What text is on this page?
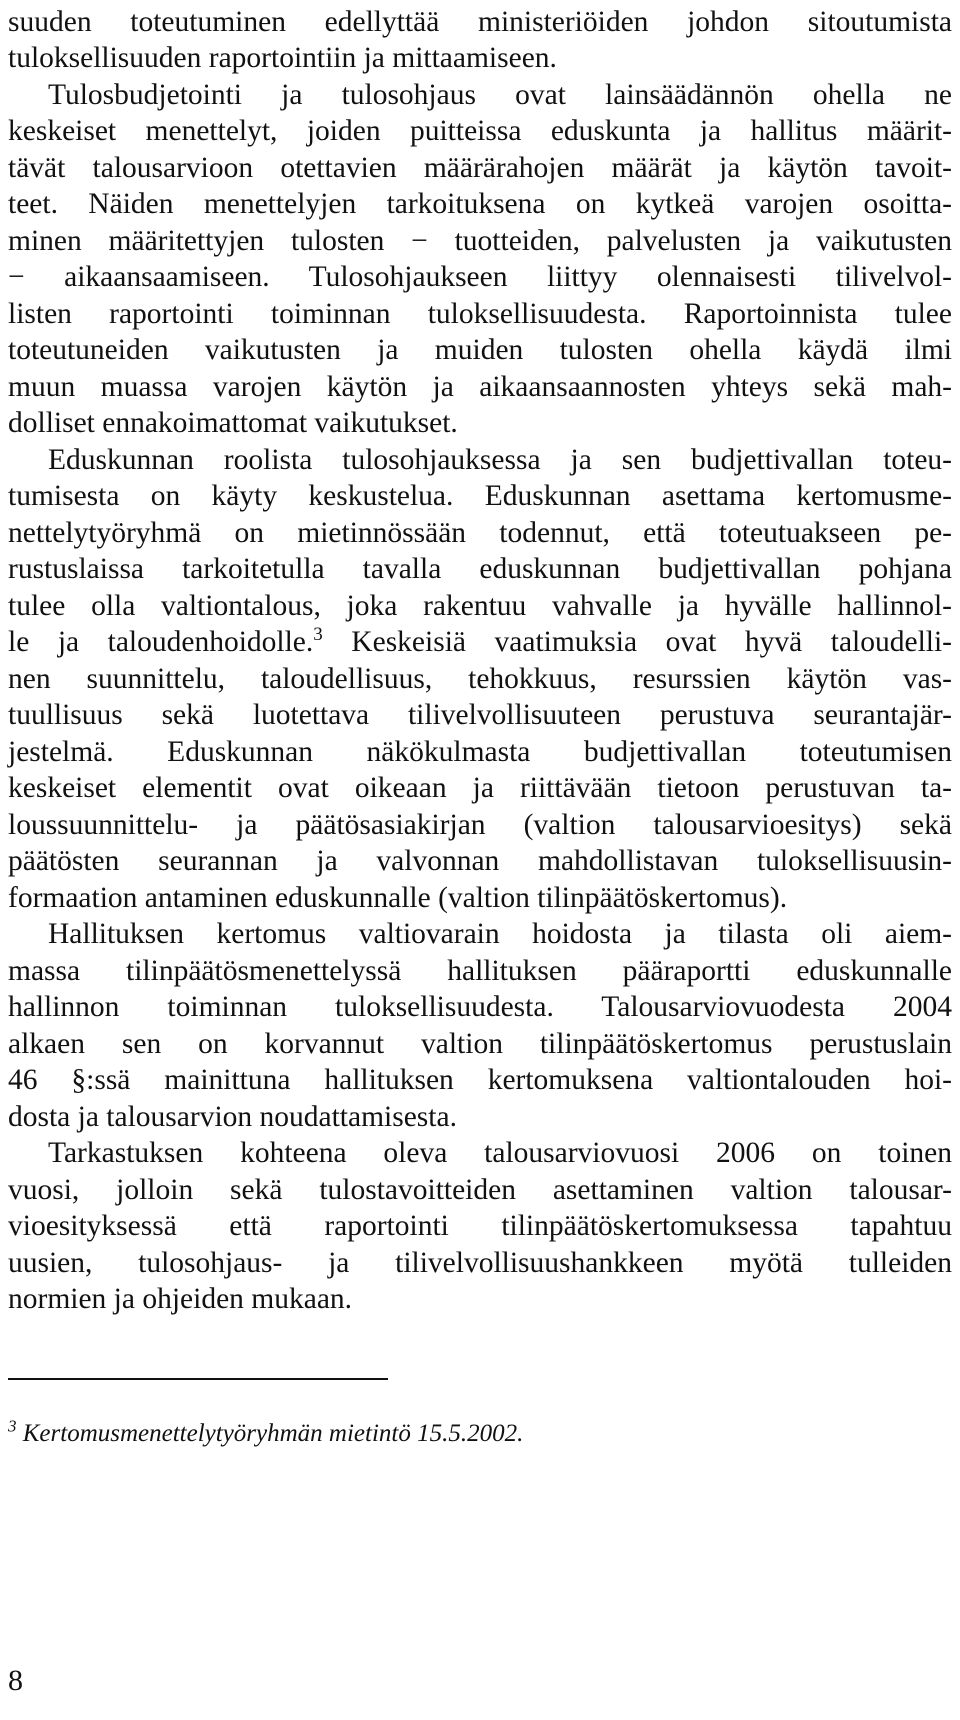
suuden toteutuminen edellyttää ministeriöiden johdon sitoutumista
tuloksellisuuden raportointiin ja mittaamiseen.
Tulosbudjetointi ja tulosohjaus ovat lainsäädännön ohella ne
keskeiset menettelyt, joiden puitteissa eduskunta ja hallitus määrit-
tävät talousarvioon otettavien määrärahojen määrät ja käytön tavoit-
teet. Näiden menettelyjen tarkoituksena on kytkeä varojen osoitta-
minen määritettyjen tulosten − tuotteiden, palvelusten ja vaikutusten
− aikaansaamiseen. Tulosohjaukseen liittyy olennaisesti tilivelvol-
listen raportointi toiminnan tuloksellisuudesta. Raportoinnista tulee
toteutuneiden vaikutusten ja muiden tulosten ohella käydä ilmi
muun muassa varojen käytön ja aikaansaannosten yhteys sekä mah-
dolliset ennakoimattomat vaikutukset.
Eduskunnan roolista tulosohjauksessa ja sen budjettivallan toteu-
tumisesta on käyty keskustelua. Eduskunnan asettama kertomusme-
nettelytyöryhmä on mietinnössään todennut, että toteutuakseen pe-
rustuslaissa tarkoitetulla tavalla eduskunnan budjettivallan pohjana
tulee olla valtiontalous, joka rakentuu vahvalle ja hyvälle hallinnol-
le ja taloudenhoidolle.$^3$ Keskeisiä vaatimuksia ovat hyvä taloudelli-
nen suunnittelu, taloudellisuus, tehokkuus, resurssien käytön vas-
tuullisuus sekä luotettava tilivelvollisuuteen perustuva seurantajär-
jestelmä. Eduskunnan näkökulmasta budjettivallan toteutumisen
keskeiset elementit ovat oikeaan ja riittävään tietoon perustuvan ta-
loussuunnittelu- ja päätösasiakirjan (valtion talousarvioesitys) sekä
päätösten seurannan ja valvonnan mahdollistavan tuloksellisuusin-
formaation antaminen eduskunnalle (valtion tilinpäätöskertomus).
Hallituksen kertomus valtiovarain hoidosta ja tilasta oli aiem-
massa tilinpäätösmenettelyssä hallituksen pääraportti eduskunnalle
hallinnon toiminnan tuloksellisuudesta. Talousarviovuodesta 2004
alkaen sen on korvannut valtion tilinpäätöskertomus perustuslain
46 §:ssä mainittuna hallituksen kertomuksena valtiontalouden hoi-
dosta ja talousarvion noudattamisesta.
Tarkastuksen kohteena oleva talousarviovuosi 2006 on toinen
vuosi, jolloin sekä tulostavoitteiden asettaminen valtion talousar-
vioesityksessä että raportointi tilinpäätöskertomuksessa tapahtuu
uusien, tulosohjaus- ja tilivelvollisuushankkeen myötä tulleiden
normien ja ohjeiden mukaan.
$^3$ Kertomusmenettelytyöryhmän mietintö 15.5.2002.
8
